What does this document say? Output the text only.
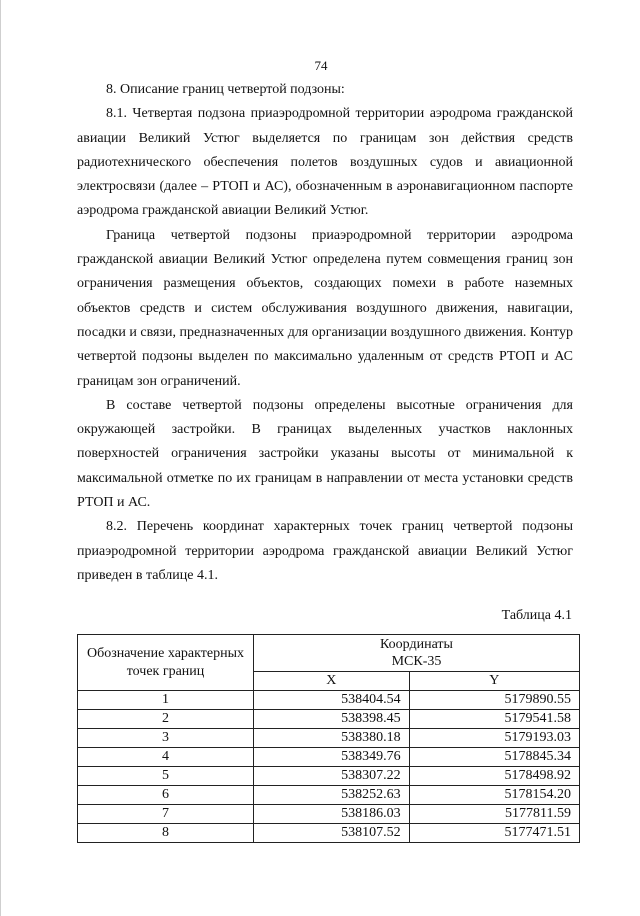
74

8. Описание границ четвертой подзоны:

8.1. Четвертая подзона приаэродромной территории аэродрома гражданской авиации Великий Устюг выделяется по границам зон действия средств радиотехнического обеспечения полетов воздушных судов и авиационной электросвязи (далее – РТОП и АС), обозначенным в аэронавигационном паспорте аэродрома гражданской авиации Великий Устюг.

Граница четвертой подзоны приаэродромной территории аэродрома гражданской авиации Великий Устюг определена путем совмещения границ зон ограничения размещения объектов, создающих помехи в работе наземных объектов средств и систем обслуживания воздушного движения, навигации, посадки и связи, предназначенных для организации воздушного движения. Контур четвертой подзоны выделен по максимально удаленным от средств РТОП и АС границам зон ограничений.

В составе четвертой подзоны определены высотные ограничения для окружающей застройки. В границах выделенных участков наклонных поверхностей ограничения застройки указаны высоты от минимальной к максимальной отметке по их границам в направлении от места установки средств РТОП и АС.

8.2. Перечень координат характерных точек границ четвертой подзоны приаэродромной территории аэродрома гражданской авиации Великий Устюг приведен в таблице 4.1.

Таблица 4.1
Обозначение характерных точек границ	Координаты
МСК-35	
	X	Y
1	538404.54	5179890.55
2	538398.45	5179541.58
3	538380.18	5179193.03
4	538349.76	5178845.34
5	538307.22	5178498.92
6	538252.63	5178154.20
7	538186.03	5177811.59
8	538107.52	5177471.51
